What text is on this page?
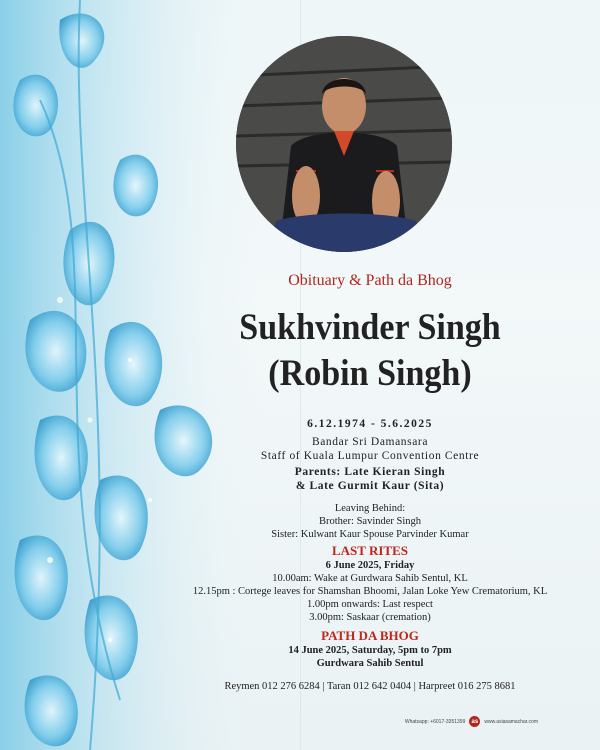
Obituary & Path da Bhog
Sukhvinder Singh
(Robin Singh)
6.12.1974 - 5.6.2025
Bandar Sri Damansara
Staff of Kuala Lumpur Convention Centre
Parents: Late Kieran Singh
& Late Gurmit Kaur (Sita)
Leaving Behind:
Brother: Savinder Singh
Sister: Kulwant Kaur Spouse Parvinder Kumar
LAST RITES
6 June 2025, Friday
10.00am: Wake at Gurdwara Sahib Sentul, KL
12.15pm : Cortege leaves for Shamshan Bhoomi, Jalan Loke Yew Crematorium, KL
1.00pm onwards: Last respect
3.00pm: Saskaar (cremation)
PATH DA BHOG
14 June 2025, Saturday, 5pm to 7pm
Gurdwara Sahib Sentul
Reymen 012 276 6284 | Taran 012 642 0404 | Harpreet 016 275 8681
Whatsapp: +6017-3351399	as	www.asiasamachar.com
